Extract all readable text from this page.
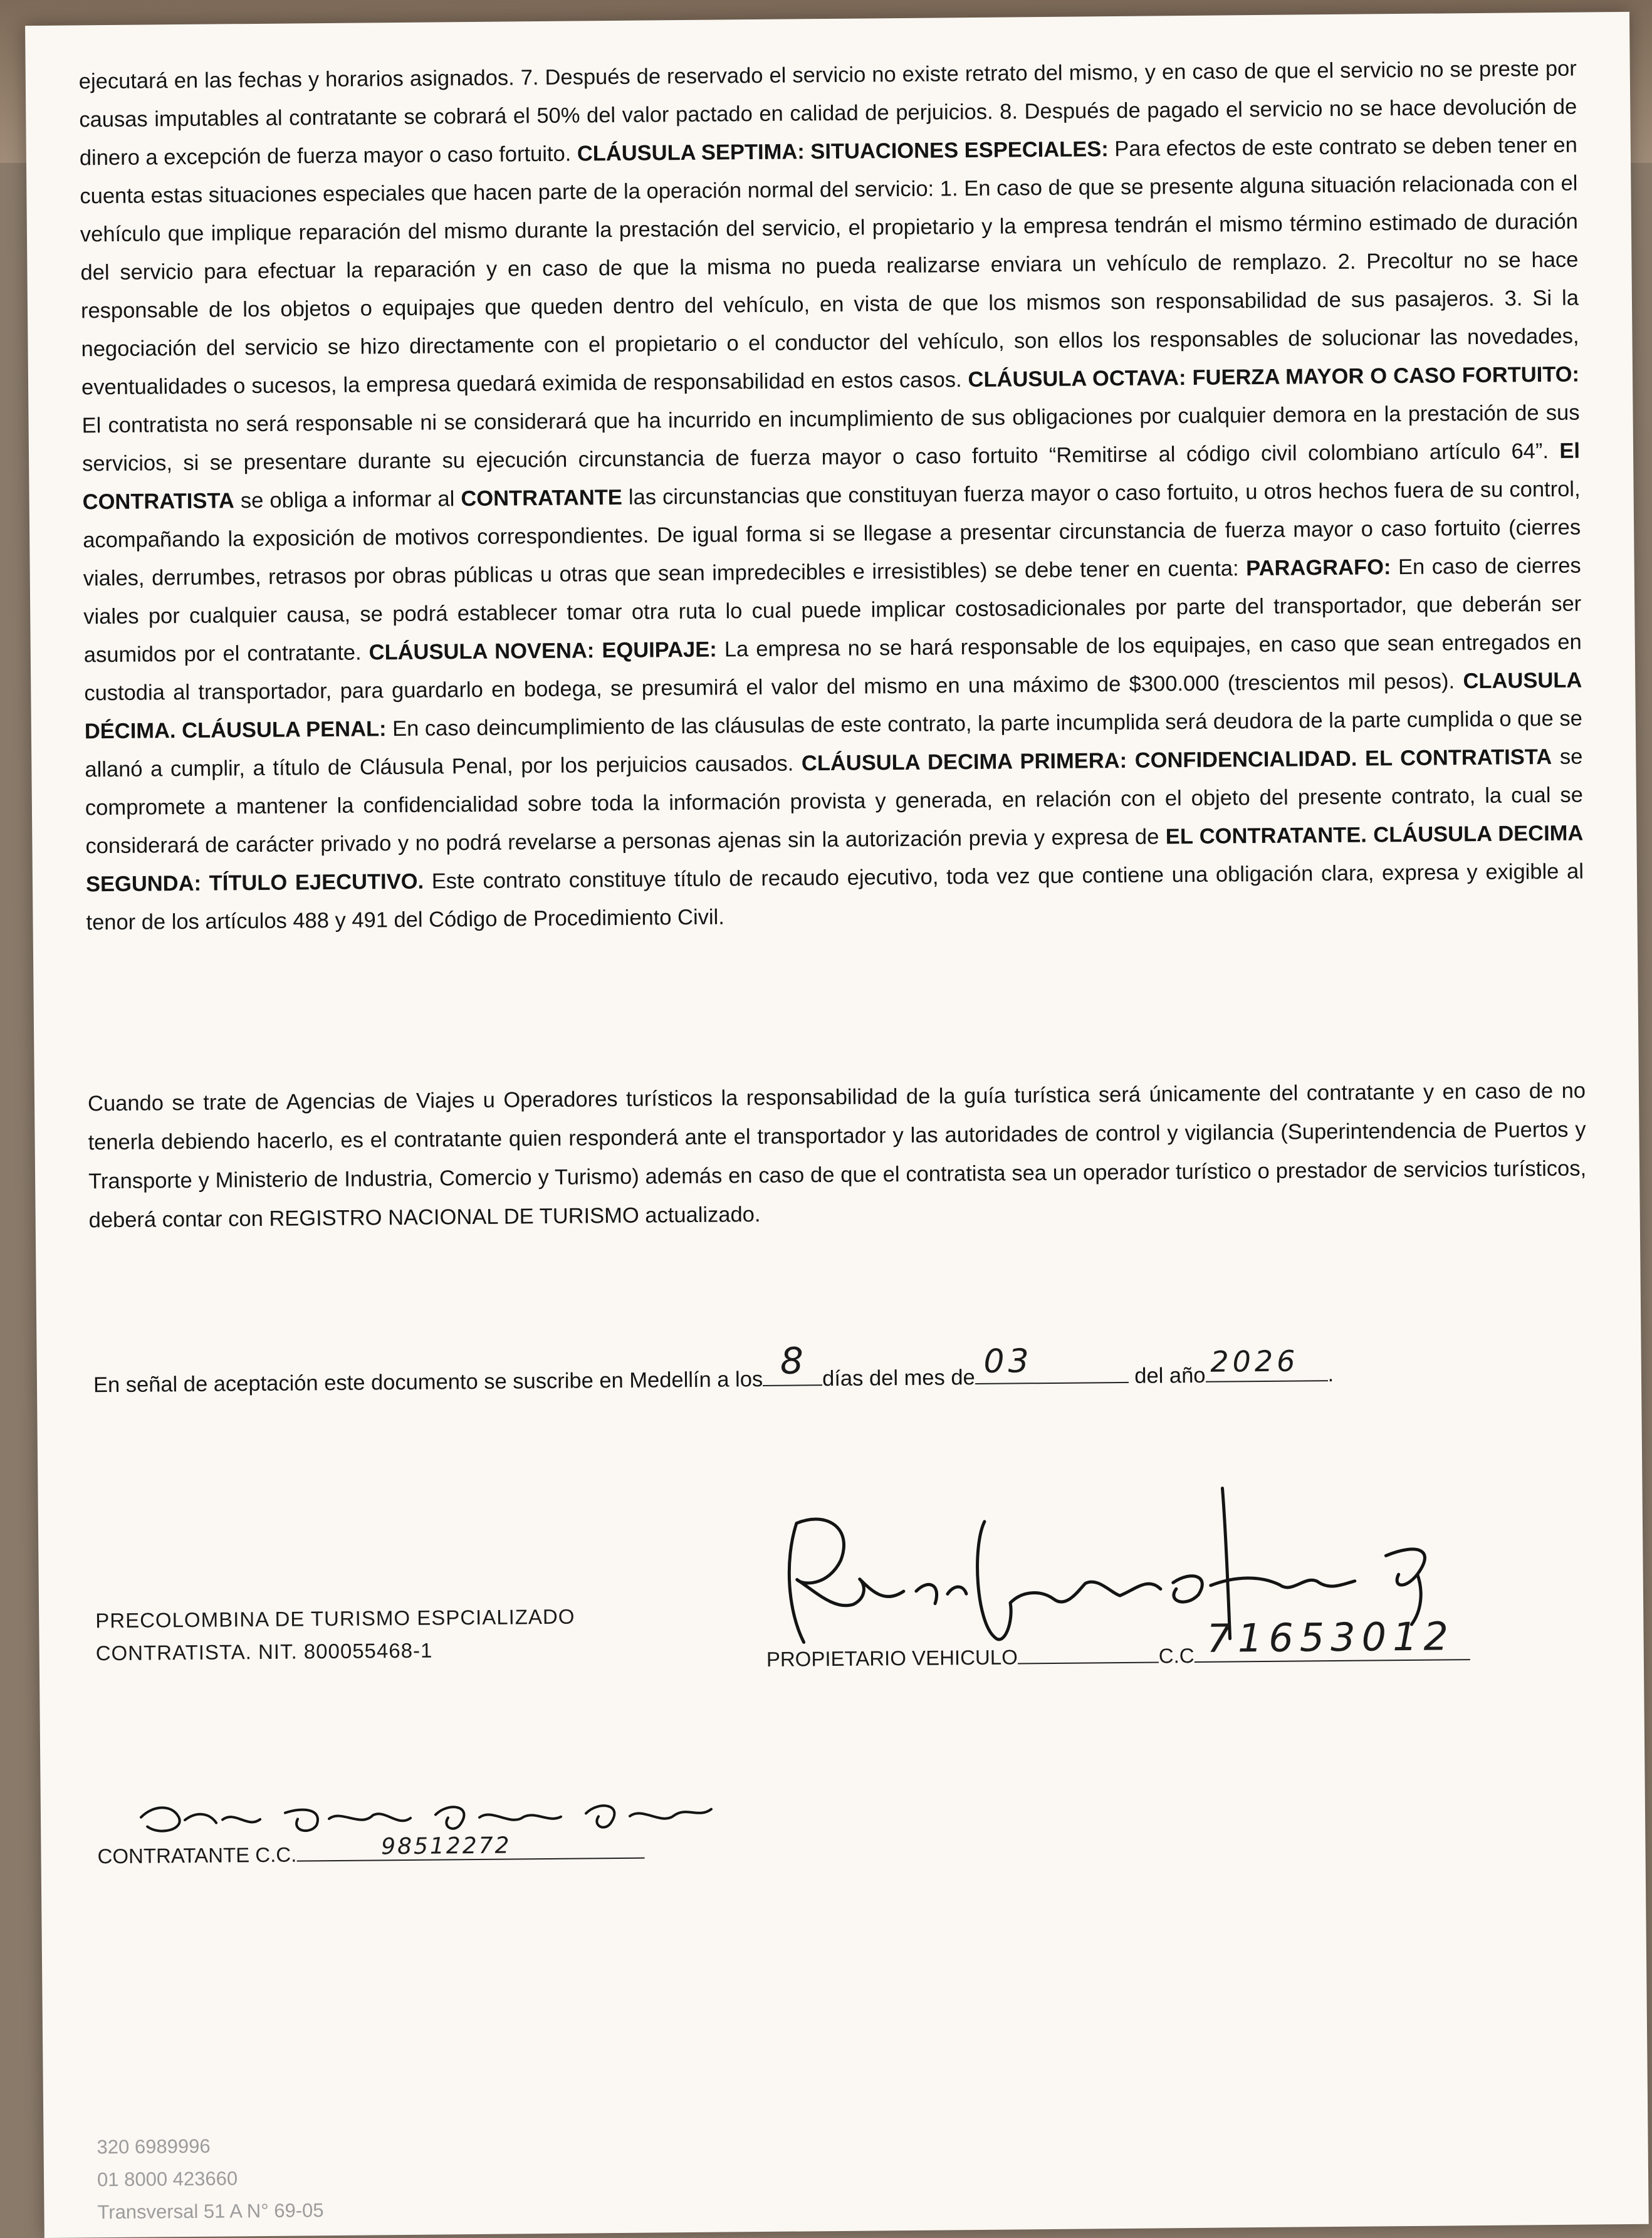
ejecutará en las fechas y horarios asignados. 7. Después de reservado el servicio no existe retrato del mismo, y en caso de que el servicio no se preste por causas imputables al contratante se cobrará el 50% del valor pactado en calidad de perjuicios. 8. Después de pagado el servicio no se hace devolución de dinero a excepción de fuerza mayor o caso fortuito. CLÁUSULA SEPTIMA: SITUACIONES ESPECIALES: Para efectos de este contrato se deben tener en cuenta estas situaciones especiales que hacen parte de la operación normal del servicio: 1. En caso de que se presente alguna situación relacionada con el vehículo que implique reparación del mismo durante la prestación del servicio, el propietario y la empresa tendrán el mismo término estimado de duración del servicio para efectuar la reparación y en caso de que la misma no pueda realizarse enviara un vehículo de remplazo. 2. Precoltur no se hace responsable de los objetos o equipajes que queden dentro del vehículo, en vista de que los mismos son responsabilidad de sus pasajeros. 3. Si la negociación del servicio se hizo directamente con el propietario o el conductor del vehículo, son ellos los responsables de solucionar las novedades, eventualidades o sucesos, la empresa quedará eximida de responsabilidad en estos casos. CLÁUSULA OCTAVA: FUERZA MAYOR O CASO FORTUITO: El contratista no será responsable ni se considerará que ha incurrido en incumplimiento de sus obligaciones por cualquier demora en la prestación de sus servicios, si se presentare durante su ejecución circunstancia de fuerza mayor o caso fortuito “Remitirse al código civil colombiano artículo 64”. El CONTRATISTA se obliga a informar al CONTRATANTE las circunstancias que constituyan fuerza mayor o caso fortuito, u otros hechos fuera de su control, acompañando la exposición de motivos correspondientes. De igual forma si se llegase a presentar circunstancia de fuerza mayor o caso fortuito (cierres viales, derrumbes, retrasos por obras públicas u otras que sean impredecibles e irresistibles) se debe tener en cuenta: PARAGRAFO: En caso de cierres viales por cualquier causa, se podrá establecer tomar otra ruta lo cual puede implicar costosadicionales por parte del transportador, que deberán ser asumidos por el contratante. CLÁUSULA NOVENA: EQUIPAJE: La empresa no se hará responsable de los equipajes, en caso que sean entregados en custodia al transportador, para guardarlo en bodega, se presumirá el valor del mismo en una máximo de $300.000 (trescientos mil pesos). CLAUSULA DÉCIMA. CLÁUSULA PENAL: En caso deincumplimiento de las cláusulas de este contrato, la parte incumplida será deudora de la parte cumplida o que se allanó a cumplir, a título de Cláusula Penal, por los perjuicios causados. CLÁUSULA DECIMA PRIMERA: CONFIDENCIALIDAD. EL CONTRATISTA se compromete a mantener la confidencialidad sobre toda la información provista y generada, en relación con el objeto del presente contrato, la cual se considerará de carácter privado y no podrá revelarse a personas ajenas sin la autorización previa y expresa de EL CONTRATANTE. CLÁUSULA DECIMA SEGUNDA: TÍTULO EJECUTIVO. Este contrato constituye título de recaudo ejecutivo, toda vez que contiene una obligación clara, expresa y exigible al tenor de los artículos 488 y 491 del Código de Procedimiento Civil.
Cuando se trate de Agencias de Viajes u Operadores turísticos la responsabilidad de la guía turística será únicamente del contratante y en caso de no tenerla debiendo hacerlo, es el contratante quien responderá ante el transportador y las autoridades de control y vigilancia (Superintendencia de Puertos y Transporte y Ministerio de Industria, Comercio y Turismo) además en caso de que el contratista sea un operador turístico o prestador de servicios turísticos, deberá contar con REGISTRO NACIONAL DE TURISMO actualizado.
En señal de aceptación este documento se suscribe en Medellín a los 8 días del mes de 03	del año 2026 .
PROPIETARIO VEHICULO	C.C 71653012
PRECOLOMBINA DE TURISMO ESPCIALIZADO
CONTRATISTA. NIT. 800055468-1
CONTRATANTE C.C.	98512272
320 6989996
01 8000 423660
Transversal 51 A N° 69-05
